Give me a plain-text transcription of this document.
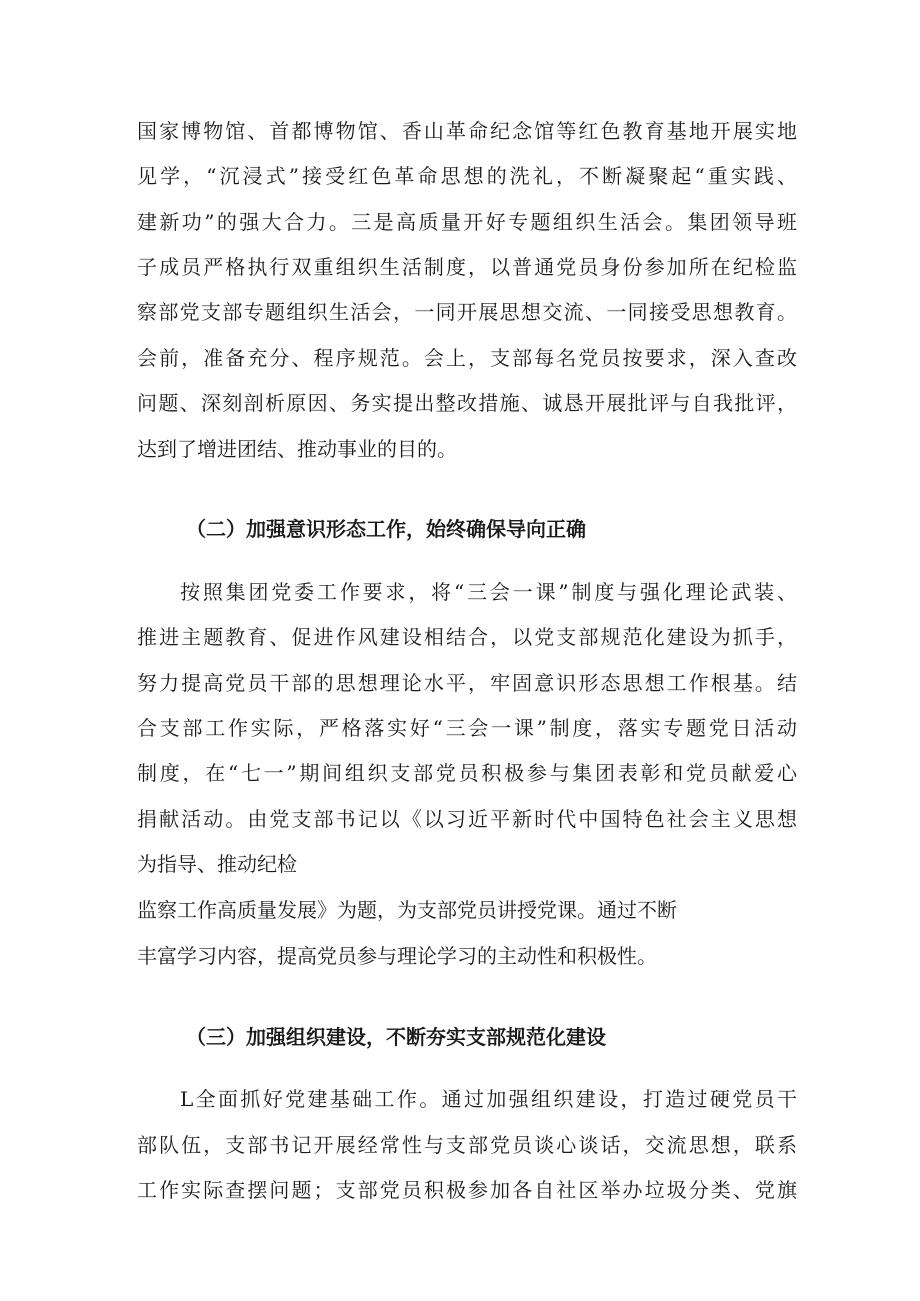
国家博物馆、首都博物馆、香山革命纪念馆等红色教育基地开展实地
见学，“沉浸式”接受红色革命思想的洗礼，不断凝聚起“重实践、
建新功”的强大合力。三是高质量开好专题组织生活会。集团领导班
子成员严格执行双重组织生活制度，以普通党员身份参加所在纪检监
察部党支部专题组织生活会，一同开展思想交流、一同接受思想教育。
会前，准备充分、程序规范。会上，支部每名党员按要求，深入查改
问题、深刻剖析原因、务实提出整改措施、诚恳开展批评与自我批评，
达到了增进团结、推动事业的目的。
（二）加强意识形态工作，始终确保导向正确
按照集团党委工作要求，将“三会一课”制度与强化理论武装、
推进主题教育、促进作风建设相结合，以党支部规范化建设为抓手，
努力提高党员干部的思想理论水平，牢固意识形态思想工作根基。结
合支部工作实际，严格落实好“三会一课”制度，落实专题党日活动
制度，在“七一”期间组织支部党员积极参与集团表彰和党员献爱心
捐献活动。由党支部书记以《以习近平新时代中国特色社会主义思想
为指导、推动纪检
监察工作高质量发展》为题，为支部党员讲授党课。通过不断
丰富学习内容，提高党员参与理论学习的主动性和积极性。
（三）加强组织建设，不断夯实支部规范化建设
L全面抓好党建基础工作。通过加强组织建设，打造过硬党员干
部队伍，支部书记开展经常性与支部党员谈心谈话，交流思想，联系
工作实际查摆问题；支部党员积极参加各自社区举办垃圾分类、党旗
